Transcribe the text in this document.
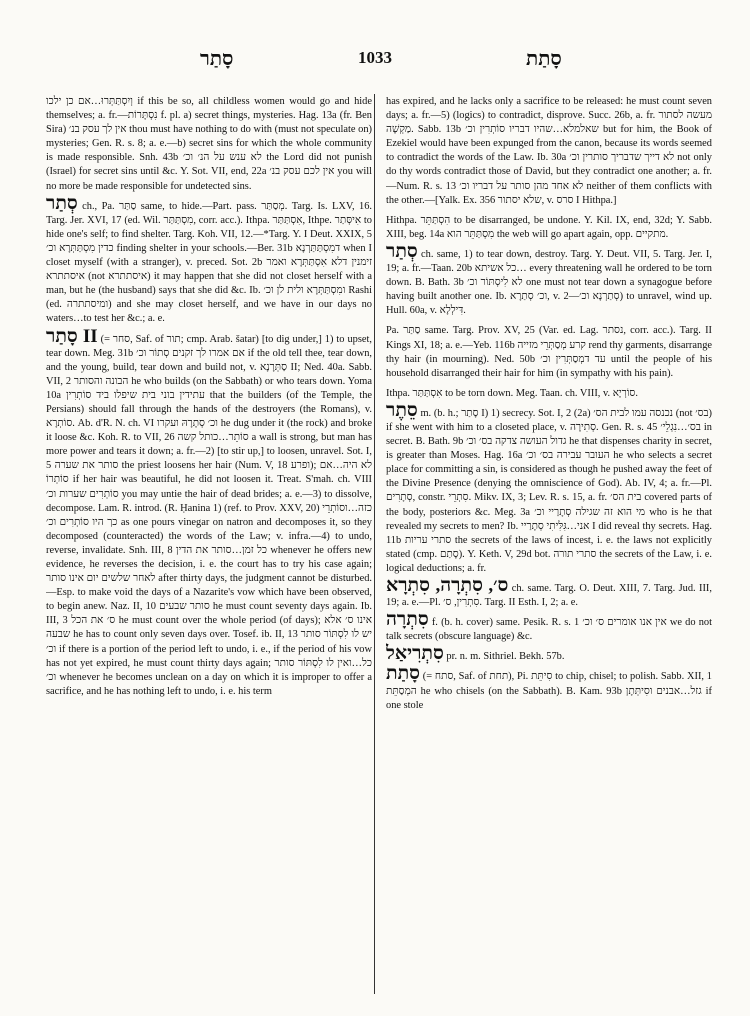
סָתַר	1033	סָתַת

וְיִסְתַּתְּרוּ…אם כן ילכו if this be so, all childless women would go and hide themselves; a. fr.—נִסְתָּרוֹת f. pl. a) secret things, mysteries. Hag. 13a (fr. Ben Sira) אין לך עסק בנ׳ thou must have nothing to do with (must not speculate on) mysteries; Gen. R. s. 8; a. e.—b) secret sins for which the whole community is made responsible. Snh. 43b לא ענש על הנ׳ וכ׳ the Lord did not punish (Israel) for secret sins until &c. Y. Sot. VII, end, 22a אין לכם עסק בנ׳ you will no more be made responsible for undetected sins.

סְתַר ch., Pa. סַתַּר same, to hide.—Part. pass. מְסַתַּר. Targ. Is. LXV, 16. Targ. Jer. XVI, 17 (ed. Wil. מִסְתַּתַּר, corr. acc.). Ithpa. אִסְתַּתַּר, Ithpe. אִיסְּתַר to hide one's self; to find shelter. Targ. Koh. VII, 12.—*Targ. Y. I Deut. XXIX, 5 כדין מִסְתַּתְּרָא וכ׳ finding shelter in your schools.—Ber. 31b דמִסְתַּתַּרְנָא when I closet myself (with a stranger), v. preced. Sot. 2b זימנין דלא אִסְתַּתְּרָא ואמר איסתתרא (not איסתתרא) it may happen that she did not closet herself with a man, but he (the husband) says that she did &c. Ib. ומִסְתַּתְּרָא ולית לן וכ׳ Rashi (ed. ומיסתתרה) and she may closet herself, and we have in our days no waters…to test her &c.; a. e.

סָתַר II (= סחר, Saf. of תור; cmp. Arab. šatar) [to dig under,] 1) to upset, tear down. Meg. 31b אם אמרו לך זקנים סְתוֹר וכ׳ if the old tell thee, tear down, and the young, build, tear down and build not, v. סַתְּרָנָא II; Ned. 40a. Sabb. VII, 2 הבונה והסותר he who builds (on the Sabbath) or who tears down. Yoma 10a עתידין בוני בית שיפלו ביד סוֹתְרִין that the builders (of the Temple, the Persians) should fall through the hands of the destroyers (the Romans), v. סוֹתְרָא. Ab. d'R. N. ch. VI וכ׳ סְתָרָהּ ועקרו he dug under it (the rock) and broke it loose &c. Koh. R. to VII, 26 סוֹתֵר…כותל קשה a wall is strong, but man has more power and tears it down; a. fr.—2) [to stir up,] to loosen, unravel. Sot. I, 5 סותר את שערה the priest loosens her hair (Num. V, 18 ופרע); לא היה…אם סוֹתְרוֹ if her hair was beautiful, he did not loosen it. Treat. S'mah. ch. VIII סוֹתְרִים שערות וכ׳ you may untie the hair of dead brides; a. e.—3) to dissolve, decompose. Lam. R. introd. (R. Ḥanina 1) (ref. to Prov. XXV, 20) כזה…וסוֹתְרֵי כך היו סוֹתְרִים וכ׳ as one pours vinegar on natron and decomposes it, so they decomposed (counteracted) the words of the Law; v. infra.—4) to undo, reverse, invalidate. Snh. III, 8 כל זמן…סותר את הדין whenever he offers new evidence, he reverses the decision, i. e. the court has to try his case again; לאחר שלשים יום אינו סותר after thirty days, the judgment cannot be disturbed.—Esp. to make void the days of a Nazarite's vow which have been observed, to begin anew. Naz. II, 10 סותר שבעים he must count seventy days again. Ib. III, 3 ס׳ את הכל he must count over the whole period (of days); אינו ס׳ אלא שבעה he has to count only seven days over. Tosef. ib. II, 13 יש לו לִסְתּוֹר סותר וכ׳ if there is a portion of the period left to undo, i. e., if the period of his vow has not yet expired, he must count thirty days again; כל…ואין לו לִסְתּוֹר סותר וכ׳ whenever he becomes unclean on a day on which it is improper to offer a sacrifice, and he has nothing left to undo, i. e. his term

has expired, and he lacks only a sacrifice to be released: he must count seven days; a. fr.—5) (logics) to contradict, disprove. Succ. 26b, a. fr. מעשה לסתור מַקְשָׁה. Sabb. 13b שאלמלא…שהיו דבריו סוֹתְרִין וכ׳ but for him, the Book of Ezekiel would have been expunged from the canon, because its words seemed to contradict the words of the Law. Ib. 30a לא דייך שדבריך סותרין וכ׳ not only do thy words contradict those of David, but they contradict one another; a. fr.—Num. R. s. 13 לא אחד מהן סותר על דבריו וכ׳ neither of them conflicts with the other.—[Yalk. Ex. 356 שלא יסתור, v. סרס I Hithpa.]

Hithpa. הִסְתַּתֵּר to be disarranged, be undone. Y. Kil. IX, end, 32d; Y. Sabb. XIII, beg. 14a מִסְתַּתֵּר הוא the web will go apart again, opp. מתקיים.

סְתַר ch. same, 1) to tear down, destroy. Targ. Y. Deut. VII, 5. Targ. Jer. I, 19; a. fr.—Taan. 20b כל אשיתא… every threatening wall he ordered to be torn down. B. Bath. 3b לא לִיסְתּוֹר וכ׳ one must not tear down a synagogue before having built another one. Ib. וכ׳ סְתַרָא, v. סְתַרְנָא וכ׳—2) to unravel, wind up. Hull. 60a, v. דִּילְלָא.

Pa. סַתַּר same. Targ. Prov. XV, 25 (Var. ed. Lag. נסתר, corr. acc.). Targ. II Kings XI, 18; a. e.—Yeb. 116b קרע מְסַתְּרֵי מזייה rend thy garments, disarrange thy hair (in mourning). Ned. 50b עד דמְסַתְּרִין וכ׳ until the people of his household disarranged their hair for him (in sympathy with his pain).

Ithpa. אִסְתַּתַּר to be torn down. Meg. Taan. ch. VIII, v. סוֹרְיָא.

סֵתֶר m. (b. h.; סָתַר I) 1) secrecy. Sot. I, 2 (2a) נכנסה עמו לבית הס׳ (not בס׳) if she went with him to a closeted place, v. סְתִירָה. Gen. R. s. 45 בס׳…נִגְלֵי׳ in secret. B. Bath. 9b גדול העושה צדקה בס׳ וכ׳ he that dispenses charity in secret, is greater than Moses. Hag. 16a העובר עבירה בס׳ וכ׳ he who selects a secret place for committing a sin, is considered as though he pushed away the feet of the Divine Presence (denying the omniscience of God). Ab. IV, 4; a. fr.—Pl. סְתָרִים, constr. סִתְרֵי. Mikv. IX, 3; Lev. R. s. 15, a. fr. בית הס׳ covered parts of the body, posteriors &c. Meg. 3a מי הוא זה שגילה סְתָרַיי וכ׳ who is he that revealed my secrets to men? Ib. אני…גִּלִּיתִי סְתָרַיי I did reveal thy secrets. Hag. 11b סתרי עריות the secrets of the laws of incest, i. e. the laws not explicitly stated (cmp. סָתַם). Y. Keth. V, 29d bot. סתרי תורה the secrets of the Law, i. e. logical deductions; a. fr.

ס׳, סִתְרָה, סִתְרָא ch. same. Targ. O. Deut. XIII, 7. Targ. Jud. III, 19; a. e.—Pl. סִתְרִין, ס׳. Targ. II Esth. I, 2; a. e.

סִתְרָה f. (b. h. cover) same. Pesik. R. s. 1 אין אנו אומרים ס׳ וכ׳ we do not talk secrets (obscure language) &c.

סִתְרִיאַל pr. n. m. Sithriel. Bekh. 57b.

סָתַת (= סתח, Saf. of תחת), Pi. סִיתֵּת to chip, chisel; to polish. Sabb. XII, 1 המְסַתֵּת he who chisels (on the Sabbath). B. Kam. 93b גזל…אבנים וסִיתְּתָן if one stole
